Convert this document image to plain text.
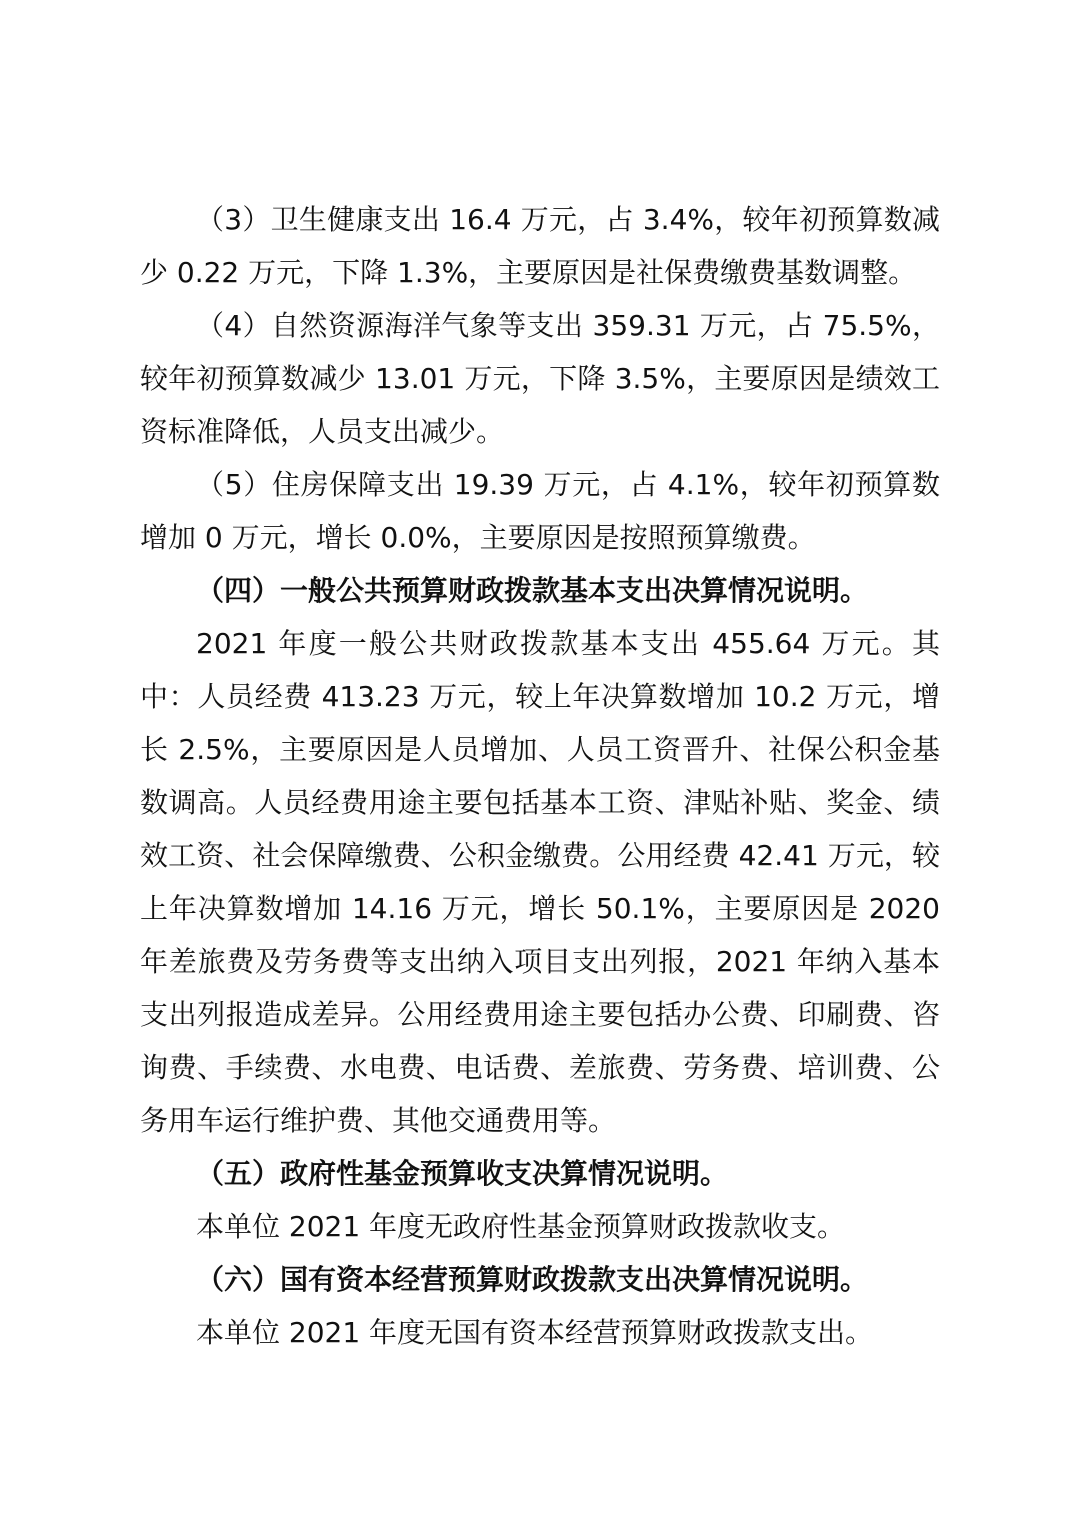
（3）卫生健康支出 16.4 万元，占 3.4%，较年初预算数减少 0.22 万元，下降 1.3%，主要原因是社保费缴费基数调整。

（4）自然资源海洋气象等支出 359.31 万元，占 75.5%，较年初预算数减少 13.01 万元，下降 3.5%，主要原因是绩效工资标准降低，人员支出减少。

（5）住房保障支出 19.39 万元，占 4.1%，较年初预算数增加 0 万元，增长 0.0%，主要原因是按照预算缴费。

（四）一般公共预算财政拨款基本支出决算情况说明。

2021 年度一般公共财政拨款基本支出 455.64 万元。其中：人员经费 413.23 万元，较上年决算数增加 10.2 万元，增长 2.5%，主要原因是人员增加、人员工资晋升、社保公积金基数调高。人员经费用途主要包括基本工资、津贴补贴、奖金、绩效工资、社会保障缴费、公积金缴费。公用经费 42.41 万元，较上年决算数增加 14.16 万元，增长 50.1%，主要原因是 2020 年差旅费及劳务费等支出纳入项目支出列报，2021 年纳入基本支出列报造成差异。公用经费用途主要包括办公费、印刷费、咨询费、手续费、水电费、电话费、差旅费、劳务费、培训费、公务用车运行维护费、其他交通费用等。

（五）政府性基金预算收支决算情况说明。

本单位 2021 年度无政府性基金预算财政拨款收支。

（六）国有资本经营预算财政拨款支出决算情况说明。

本单位 2021 年度无国有资本经营预算财政拨款支出。
